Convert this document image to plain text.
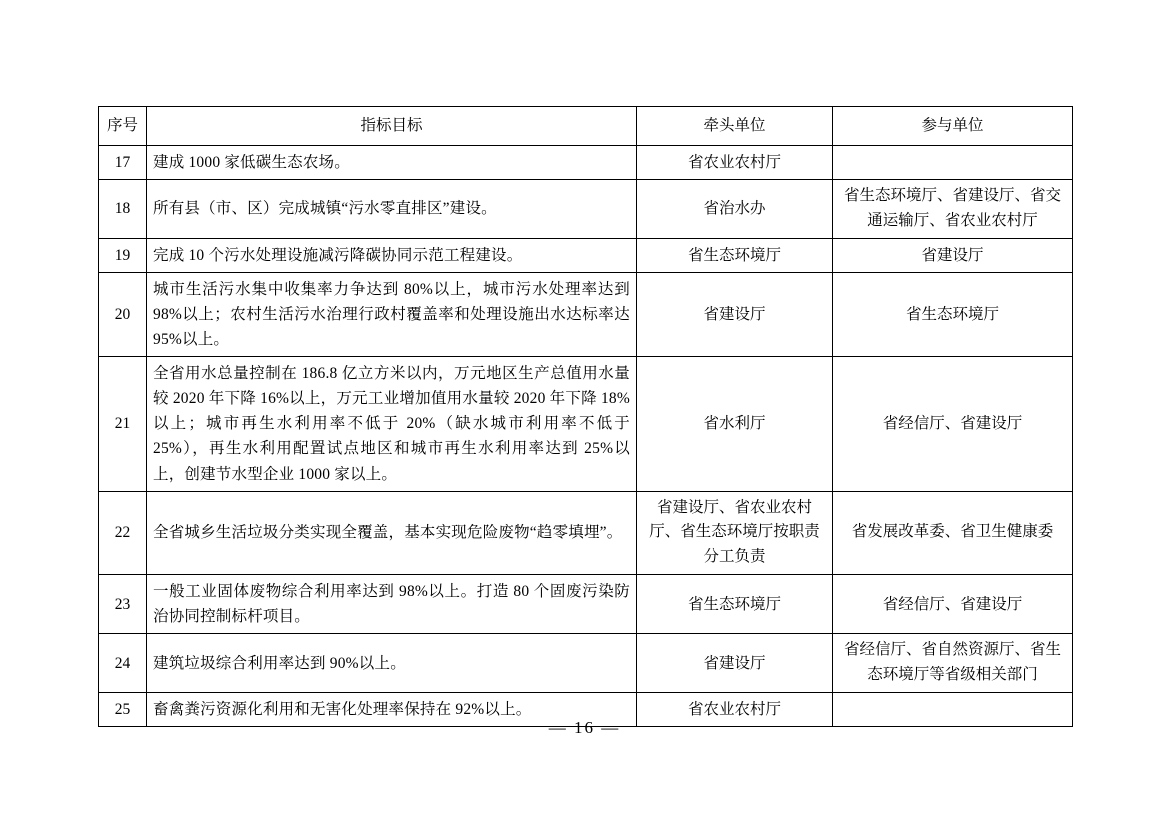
序号	指标目标	牵头单位	参与单位
17	建成 1000 家低碳生态农场。	省农业农村厅	
18	所有县（市、区）完成城镇“污水零直排区”建设。	省治水办	省生态环境厅、省建设厅、省交通运输厅、省农业农村厅
19	完成 10 个污水处理设施减污降碳协同示范工程建设。	省生态环境厅	省建设厅
20	城市生活污水集中收集率力争达到 80%以上，城市污水处理率达到 98%以上；农村生活污水治理行政村覆盖率和处理设施出水达标率达 95%以上。	省建设厅	省生态环境厅
21	全省用水总量控制在 186.8 亿立方米以内，万元地区生产总值用水量较 2020 年下降 16%以上，万元工业增加值用水量较 2020 年下降 18%以上；城市再生水利用率不低于 20%（缺水城市利用率不低于 25%），再生水利用配置试点地区和城市再生水利用率达到 25%以上，创建节水型企业 1000 家以上。	省水利厅	省经信厅、省建设厅
22	全省城乡生活垃圾分类实现全覆盖，基本实现危险废物“趋零填埋”。	省建设厅、省农业农村厅、省生态环境厅按职责分工负责	省发展改革委、省卫生健康委
23	一般工业固体废物综合利用率达到 98%以上。打造 80 个固废污染防治协同控制标杆项目。	省生态环境厅	省经信厅、省建设厅
24	建筑垃圾综合利用率达到 90%以上。	省建设厅	省经信厅、省自然资源厅、省生态环境厅等省级相关部门
25	畜禽粪污资源化利用和无害化处理率保持在 92%以上。	省农业农村厅	
— 16 —
